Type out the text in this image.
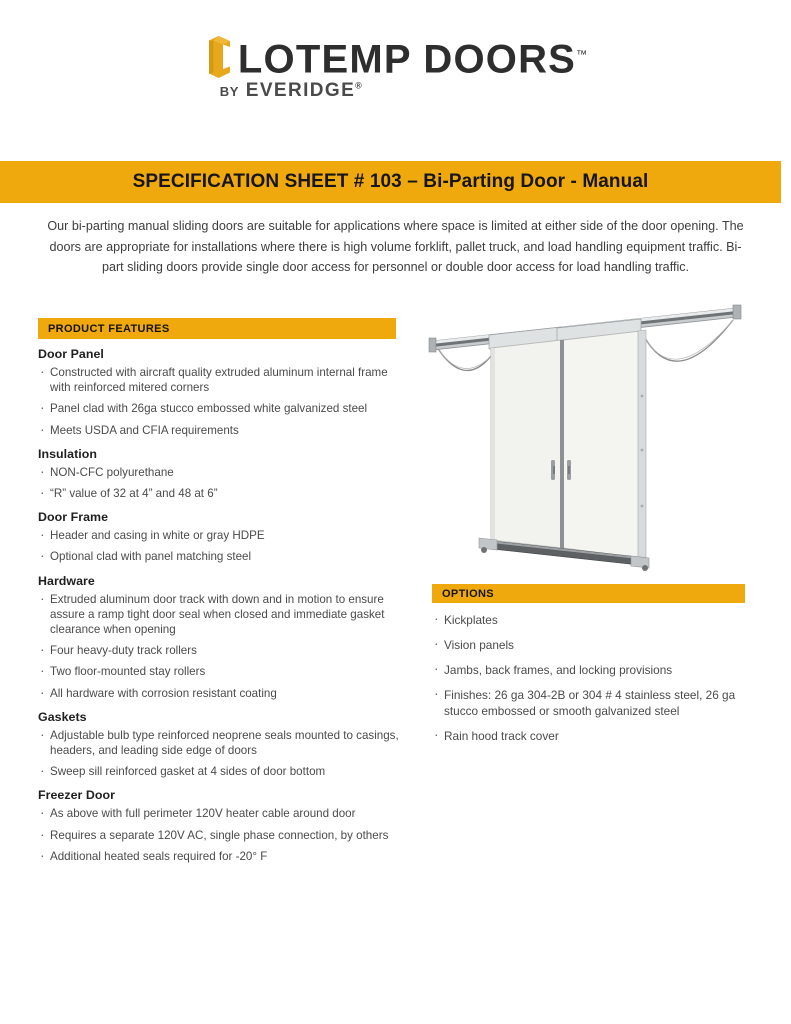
LOTEMP DOORS™
BY EVERIDGE®
SPECIFICATION SHEET # 103 – Bi-Parting Door - Manual
Our bi-parting manual sliding doors are suitable for applications where space is limited at either side of the door opening. The doors are appropriate for installations where there is high volume forklift, pallet truck, and load handling equipment traffic. Bi-part sliding doors provide single door access for personnel or double door access for load handling traffic.
PRODUCT FEATURES
Door Panel
· Constructed with aircraft quality extruded aluminum internal frame with reinforced mitered corners
· Panel clad with 26ga stucco embossed white galvanized steel
· Meets USDA and CFIA requirements
Insulation
· NON-CFC polyurethane
· “R” value of 32 at 4” and 48 at 6”
Door Frame
· Header and casing in white or gray HDPE
· Optional clad with panel matching steel
Hardware
· Extruded aluminum door track with down and in motion to ensure assure a ramp tight door seal when closed and immediate gasket clearance when opening
· Four heavy-duty track rollers
· Two floor-mounted stay rollers
· All hardware with corrosion resistant coating
Gaskets
· Adjustable bulb type reinforced neoprene seals mounted to casings, headers, and leading side edge of doors
· Sweep sill reinforced gasket at 4 sides of door bottom
Freezer Door
· As above with full perimeter 120V heater cable around door
· Requires a separate 120V AC, single phase connection, by others
· Additional heated seals required for -20° F
OPTIONS
· Kickplates
· Vision panels
· Jambs, back frames, and locking provisions
· Finishes: 26 ga 304-2B or 304 # 4 stainless steel, 26 ga stucco embossed or smooth galvanized steel
· Rain hood track cover
